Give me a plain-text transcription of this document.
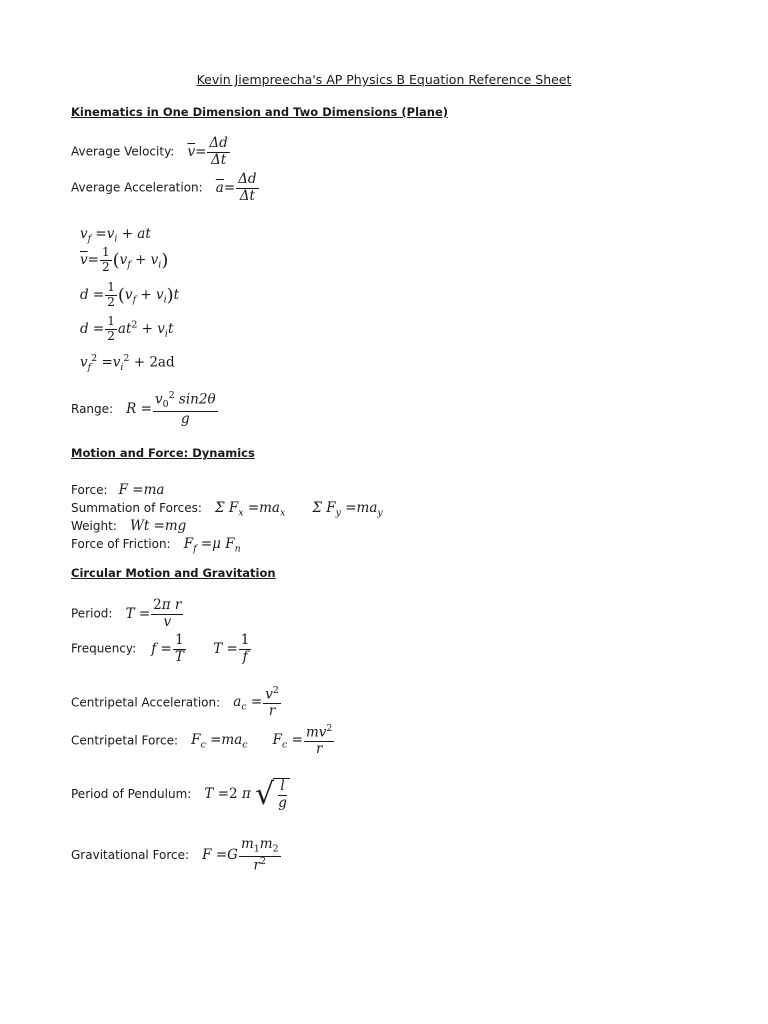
Kevin Jiempreecha's AP Physics B Equation Reference Sheet
Kinematics in One Dimension and Two Dimensions (Plane)
Average Velocity: $\overline{v}= \frac{\Delta d}{\Delta t}$
Average Acceleration: $\overline{a}= \frac{\Delta d}{\Delta t}$
$v_f =v_i$ + at
$\overline{v}= \frac{1}{2} (v_f + v_i)$
$d = \frac{1}{2} (v_f + v_i)t$
$d = \frac{1}{2} at^2 + v_it$
$v_f^2 =v_i^2 + 2ad$
Range: $R = \frac{v_0^2 \sin 2\theta}{g}$
Motion and Force: Dynamics
Force: F =ma
Summation of Forces: Σ $F_x =ma_x$ Σ $F_y =ma_y$
Weight: Wt =mg
Force of Friction: $F_f =\mu$ $F_n$
Circular Motion and Gravitation
Period: $T = \frac{\text{2π r}}{v}$
Frequency: $f = \frac{1}{T}$ $T = \frac{1}{f}$
Centripetal Acceleration: $a_c = \frac{v^2}{r}$
Centripetal Force: $F_c =ma_c$ $F_c = \frac{mv^2}{r}$
Period of Pendulum: T =2 π √ $\frac{l}{g}$
Gravitational Force: $F =G \frac{m_1m_2}{r^2}$
